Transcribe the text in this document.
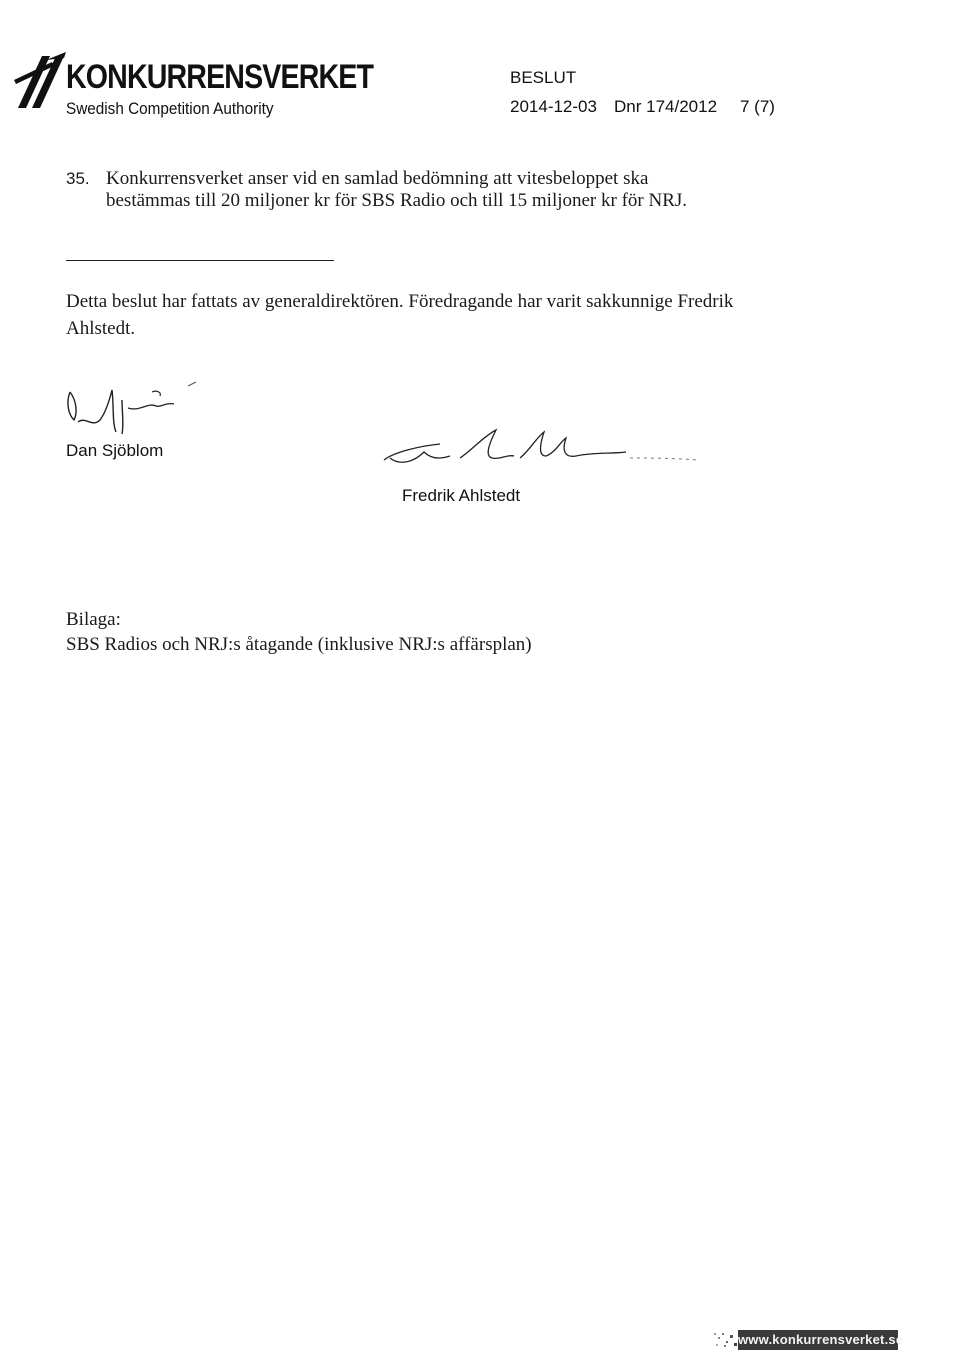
KONKURRENSVERKET
Swedish Competition Authority
BESLUT
2014-12-03 Dnr 174/2012 7 (7)
35. Konkurrensverket anser vid en samlad bedömning att vitesbeloppet ska
bestämmas till 20 miljoner kr för SBS Radio och till 15 miljoner kr för NRJ.
Detta beslut har fattats av generaldirektören. Föredragande har varit sakkunnige Fredrik Ahlstedt.
Dan Sjöblom
Fredrik Ahlstedt
Bilaga:
SBS Radios och NRJ:s åtagande (inklusive NRJ:s affärsplan)
www.konkurrensverket.se
